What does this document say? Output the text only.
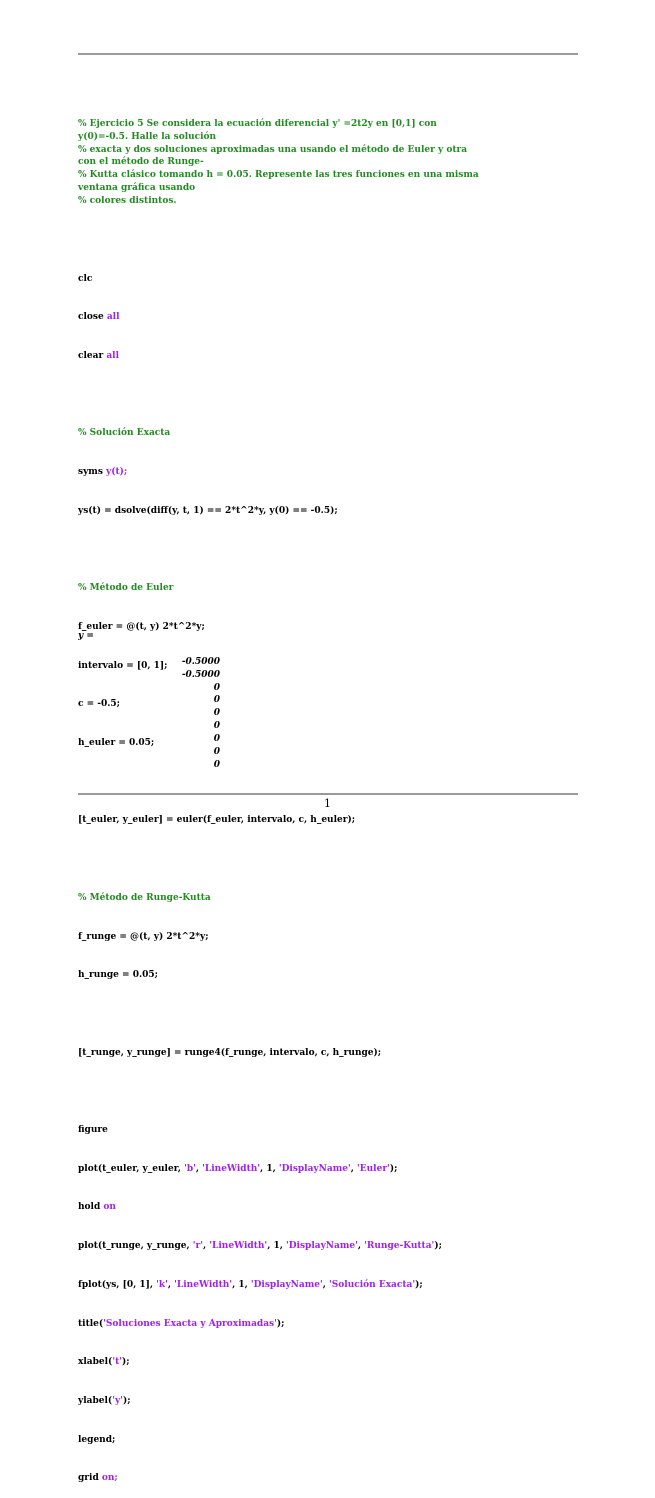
% Ejercicio 5 Se considera la ecuación diferencial y' =2t2y en [0,1] con
y(0)=-0.5. Halle la solución
% exacta y dos soluciones aproximadas una usando el método de Euler y otra
con el método de Runge-
% Kutta clásico tomando h = 0.05. Represente las tres funciones en una misma
ventana gráfica usando
% colores distintos.

clc

close all

clear all

% Solución Exacta

syms y(t);

ys(t) = dsolve(diff(y, t, 1) == 2*t^2*y, y(0) == -0.5);

% Método de Euler

f_euler = @(t, y) 2*t^2*y;

intervalo = [0, 1];

c = -0.5;

h_euler = 0.05;

[t_euler, y_euler] = euler(f_euler, intervalo, c, h_euler);

% Método de Runge-Kutta

f_runge = @(t, y) 2*t^2*y;

h_runge = 0.05;

[t_runge, y_runge] = runge4(f_runge, intervalo, c, h_runge);

figure

plot(t_euler, y_euler, 'b', 'LineWidth', 1, 'DisplayName', 'Euler');

hold on

plot(t_runge, y_runge, 'r', 'LineWidth', 1, 'DisplayName', 'Runge-Kutta');

fplot(ys, [0, 1], 'k', 'LineWidth', 1, 'DisplayName', 'Solución Exacta');

title('Soluciones Exacta y Aproximadas');

xlabel('t');

ylabel('y');

legend;

grid on;

y =
-0.5000
-0.5000
0
0
0
0
0
0
0
1
